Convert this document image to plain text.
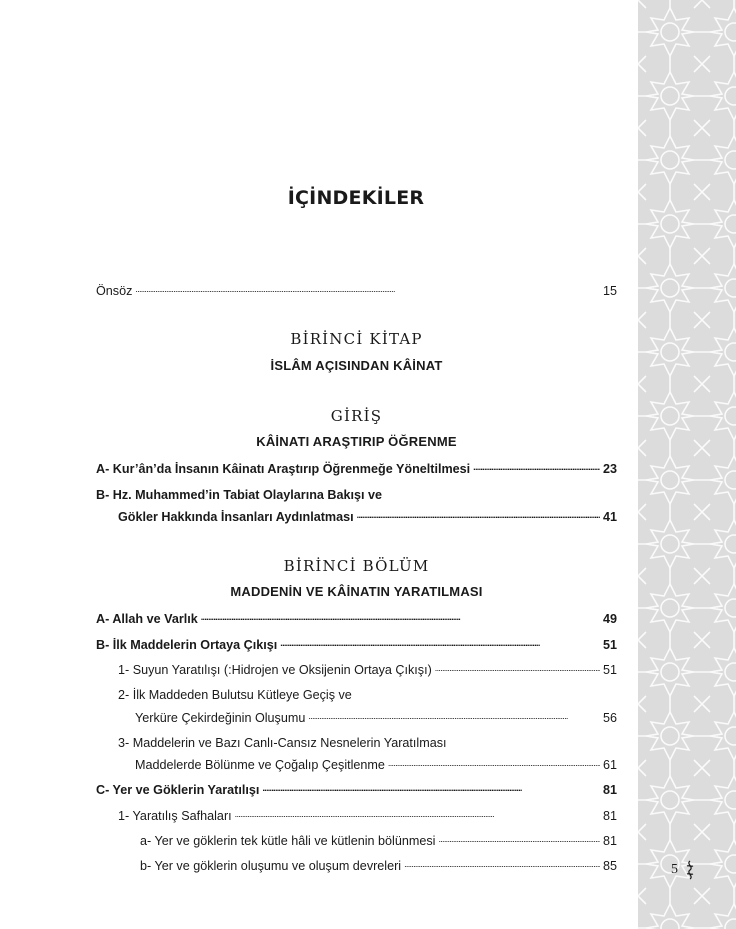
İÇİNDEKİLER
Önsöz . . .	15
BİRİNCİ KİTAP
İSLÂM AÇISINDAN KÂİNAT
GİRİŞ
KÂİNATI ARAŞTIRIP ÖĞRENME
A- Kur’ân’da İnsanın Kâinatı Araştırıp Öğrenmeğe Yöneltilmesi . . .	23
B- Hz. Muhammed’in Tabiat Olaylarına Bakışı ve
Gökler Hakkında İnsanları Aydınlatması . . .	41
BİRİNCİ BÖLÜM
MADDENİN VE KÂİNATIN YARATILMASI
A- Allah ve Varlık . . .	49
B- İlk Maddelerin Ortaya Çıkışı . . .	51
1- Suyun Yaratılışı (:Hidrojen ve Oksijenin Ortaya Çıkışı) . . .	51
2- İlk Maddeden Bulutsu Kütleye Geçiş ve
Yerküre Çekirdeğinin Oluşumu . . .	56
3- Maddelerin ve Bazı Canlı-Cansız Nesnelerin Yaratılması
Maddelerde Bölünme ve Çoğalıp Çeşitlenme . . .	61
C- Yer ve Göklerin Yaratılışı . . .	81
1- Yaratılış Safhaları . . .	81
a- Yer ve göklerin tek kütle hâli ve kütlenin bölünmesi . . .	81
b- Yer ve göklerin oluşumu ve oluşum devreleri . . .	85	5
